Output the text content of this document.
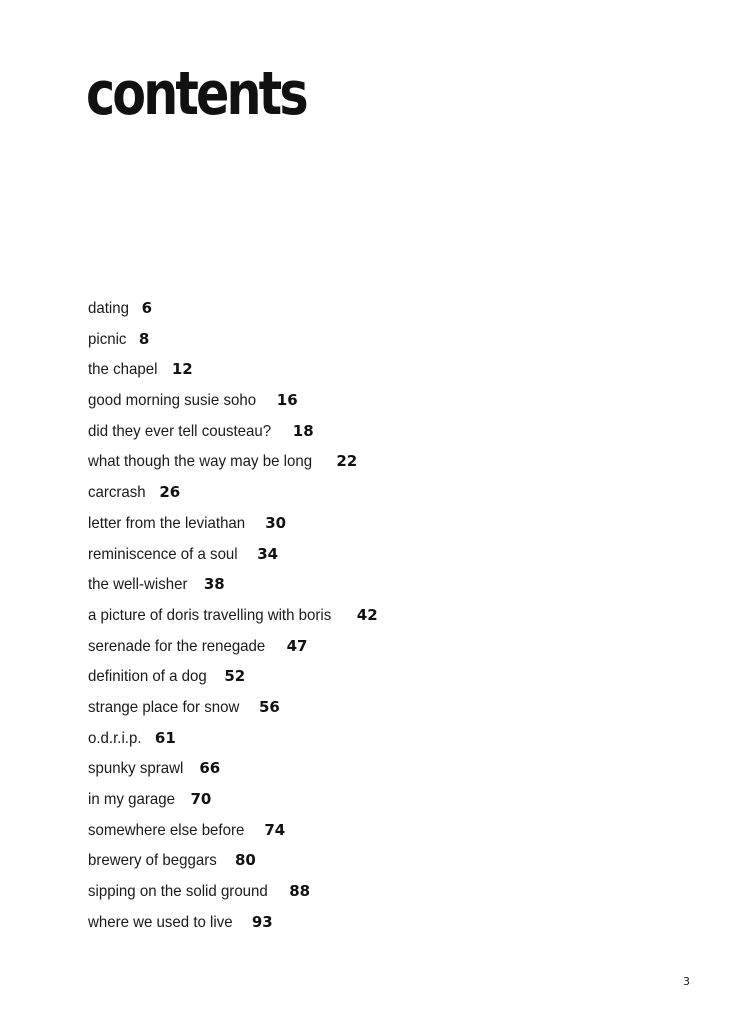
contents
dating 6
picnic 8
the chapel 12
good morning susie soho 16
did they ever tell cousteau? 18
what though the way may be long 22
carcrash 26
letter from the leviathan 30
reminiscence of a soul 34
the well-wisher 38
a picture of doris travelling with boris 42
serenade for the renegade 47
definition of a dog 52
strange place for snow 56
o.d.r.i.p. 61
spunky sprawl 66
in my garage 70
somewhere else before 74
brewery of beggars 80
sipping on the solid ground 88
where we used to live 93
3
